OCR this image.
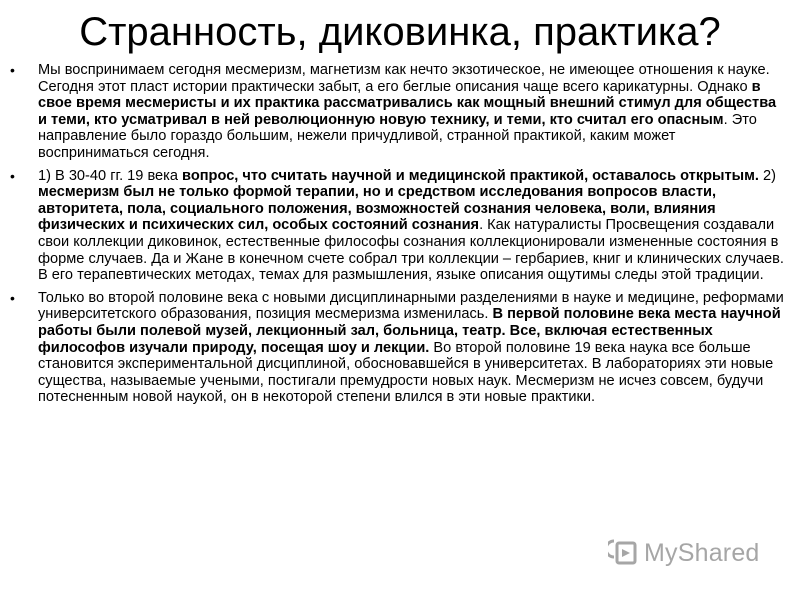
Странность, диковинка, практика?
• Мы воспринимаем сегодня месмеризм, магнетизм как нечто экзотическое, не имеющее отношения к науке. Сегодня этот пласт истории практически забыт, а его беглые описания чаще всего карикатурны. Однако в свое время месмеристы и их практика рассматривались как мощный внешний стимул для общества и теми, кто усматривал в ней революционную новую технику, и теми, кто считал его опасным. Это направление было гораздо большим, нежели причудливой, странной практикой, каким может восприниматься сегодня.
• 1) В 30-40 гг. 19 века вопрос, что считать научной и медицинской практикой, оставалось открытым. 2) месмеризм был не только формой терапии, но и средством исследования вопросов власти, авторитета, пола, социального положения, возможностей сознания человека, воли, влияния физических и психических сил, особых состояний сознания. Как натуралисты Просвещения создавали свои коллекции диковинок, естественные философы сознания коллекционировали измененные состояния в форме случаев. Да и Жане в конечном счете собрал три коллекции – гербариев, книг и клинических случаев. В его терапевтических методах, темах для размышления, языке описания ощутимы следы этой традиции.
• Только во второй половине века с новыми дисциплинарными разделениями в науке и медицине, реформами университетского образования, позиция месмеризма изменилась. В первой половине века места научной работы были полевой музей, лекционный зал, больница, театр. Все, включая естественных философов изучали природу, посещая шоу и лекции. Во второй половине 19 века наука все больше становится экспериментальной дисциплиной, обосновавшейся в университетах. В лабораториях эти новые существа, называемые учеными, постигали премудрости новых наук. Месмеризм не исчез совсем, будучи потесненным новой наукой, он в некоторой степени влился в эти новые практики.
MyShared
